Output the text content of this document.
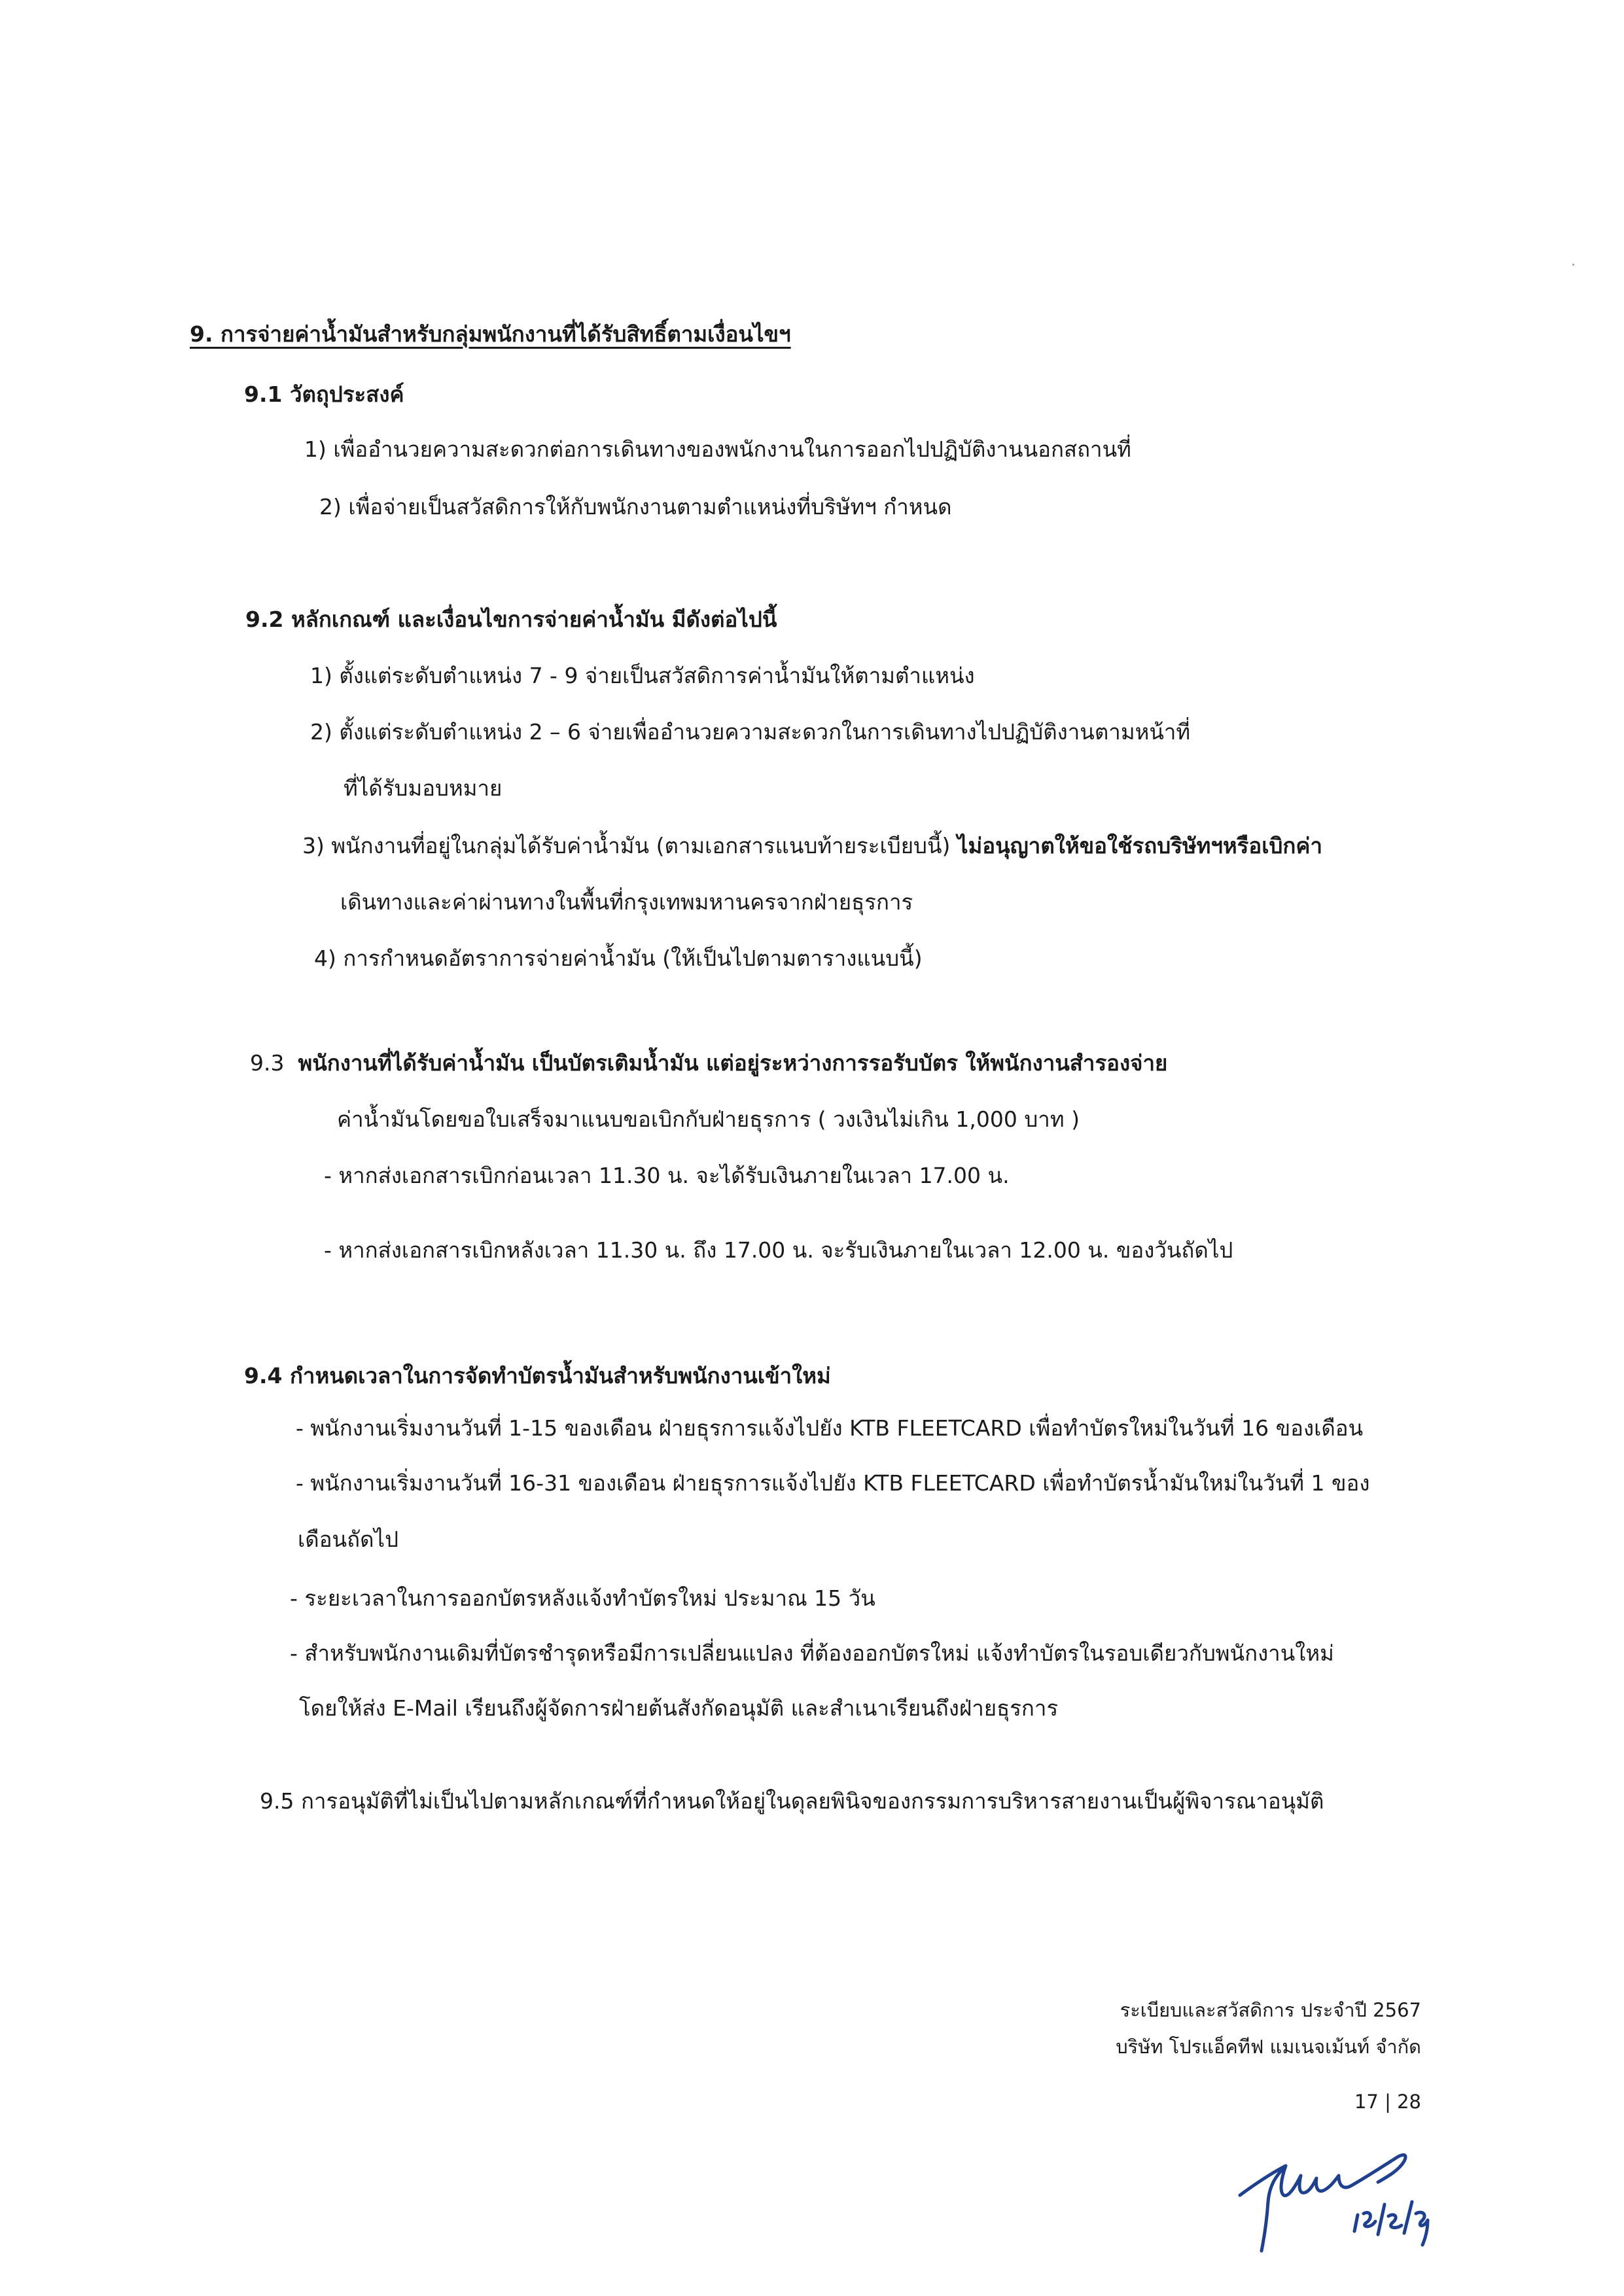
9. การจ่ายค่าน้ำมันสำหรับกลุ่มพนักงานที่ได้รับสิทธิ์ตามเงื่อนไขฯ
9.1 วัตถุประสงค์
1) เพื่ออำนวยความสะดวกต่อการเดินทางของพนักงานในการออกไปปฏิบัติงานนอกสถานที่
2) เพื่อจ่ายเป็นสวัสดิการให้กับพนักงานตามตำแหน่งที่บริษัทฯ กำหนด
9.2 หลักเกณฑ์ และเงื่อนไขการจ่ายค่าน้ำมัน มีดังต่อไปนี้
1) ตั้งแต่ระดับตำแหน่ง 7 - 9 จ่ายเป็นสวัสดิการค่าน้ำมันให้ตามตำแหน่ง
2) ตั้งแต่ระดับตำแหน่ง 2 – 6 จ่ายเพื่ออำนวยความสะดวกในการเดินทางไปปฏิบัติงานตามหน้าที่
ที่ได้รับมอบหมาย
3) พนักงานที่อยู่ในกลุ่มได้รับค่าน้ำมัน (ตามเอกสารแนบท้ายระเบียบนี้) ไม่อนุญาตให้ขอใช้รถบริษัทฯหรือเบิกค่า
เดินทางและค่าผ่านทางในพื้นที่กรุงเทพมหานครจากฝ่ายธุรการ
4) การกำหนดอัตราการจ่ายค่าน้ำมัน (ให้เป็นไปตามตารางแนบนี้)
9.3 พนักงานที่ได้รับค่าน้ำมัน เป็นบัตรเติมน้ำมัน แต่อยู่ระหว่างการรอรับบัตร ให้พนักงานสำรองจ่าย
ค่าน้ำมันโดยขอใบเสร็จมาแนบขอเบิกกับฝ่ายธุรการ ( วงเงินไม่เกิน 1,000 บาท )
- หากส่งเอกสารเบิกก่อนเวลา 11.30 น. จะได้รับเงินภายในเวลา 17.00 น.
- หากส่งเอกสารเบิกหลังเวลา 11.30 น. ถึง 17.00 น. จะรับเงินภายในเวลา 12.00 น. ของวันถัดไป
9.4 กำหนดเวลาในการจัดทำบัตรน้ำมันสำหรับพนักงานเข้าใหม่
- พนักงานเริ่มงานวันที่ 1-15 ของเดือน ฝ่ายธุรการแจ้งไปยัง KTB FLEETCARD เพื่อทำบัตรใหม่ในวันที่ 16 ของเดือน
- พนักงานเริ่มงานวันที่ 16-31 ของเดือน ฝ่ายธุรการแจ้งไปยัง KTB FLEETCARD เพื่อทำบัตรน้ำมันใหม่ในวันที่ 1 ของ
เดือนถัดไป
- ระยะเวลาในการออกบัตรหลังแจ้งทำบัตรใหม่ ประมาณ 15 วัน
- สำหรับพนักงานเดิมที่บัตรชำรุดหรือมีการเปลี่ยนแปลง ที่ต้องออกบัตรใหม่ แจ้งทำบัตรในรอบเดียวกับพนักงานใหม่
โดยให้ส่ง E-Mail เรียนถึงผู้จัดการฝ่ายต้นสังกัดอนุมัติ และสำเนาเรียนถึงฝ่ายธุรการ
9.5 การอนุมัติที่ไม่เป็นไปตามหลักเกณฑ์ที่กำหนดให้อยู่ในดุลยพินิจของกรรมการบริหารสายงานเป็นผู้พิจารณาอนุมัติ
ระเบียบและสวัสดิการ ประจำปี 2567
บริษัท โปรแอ็คทีฟ แมเนจเม้นท์ จำกัด
17 | 28
